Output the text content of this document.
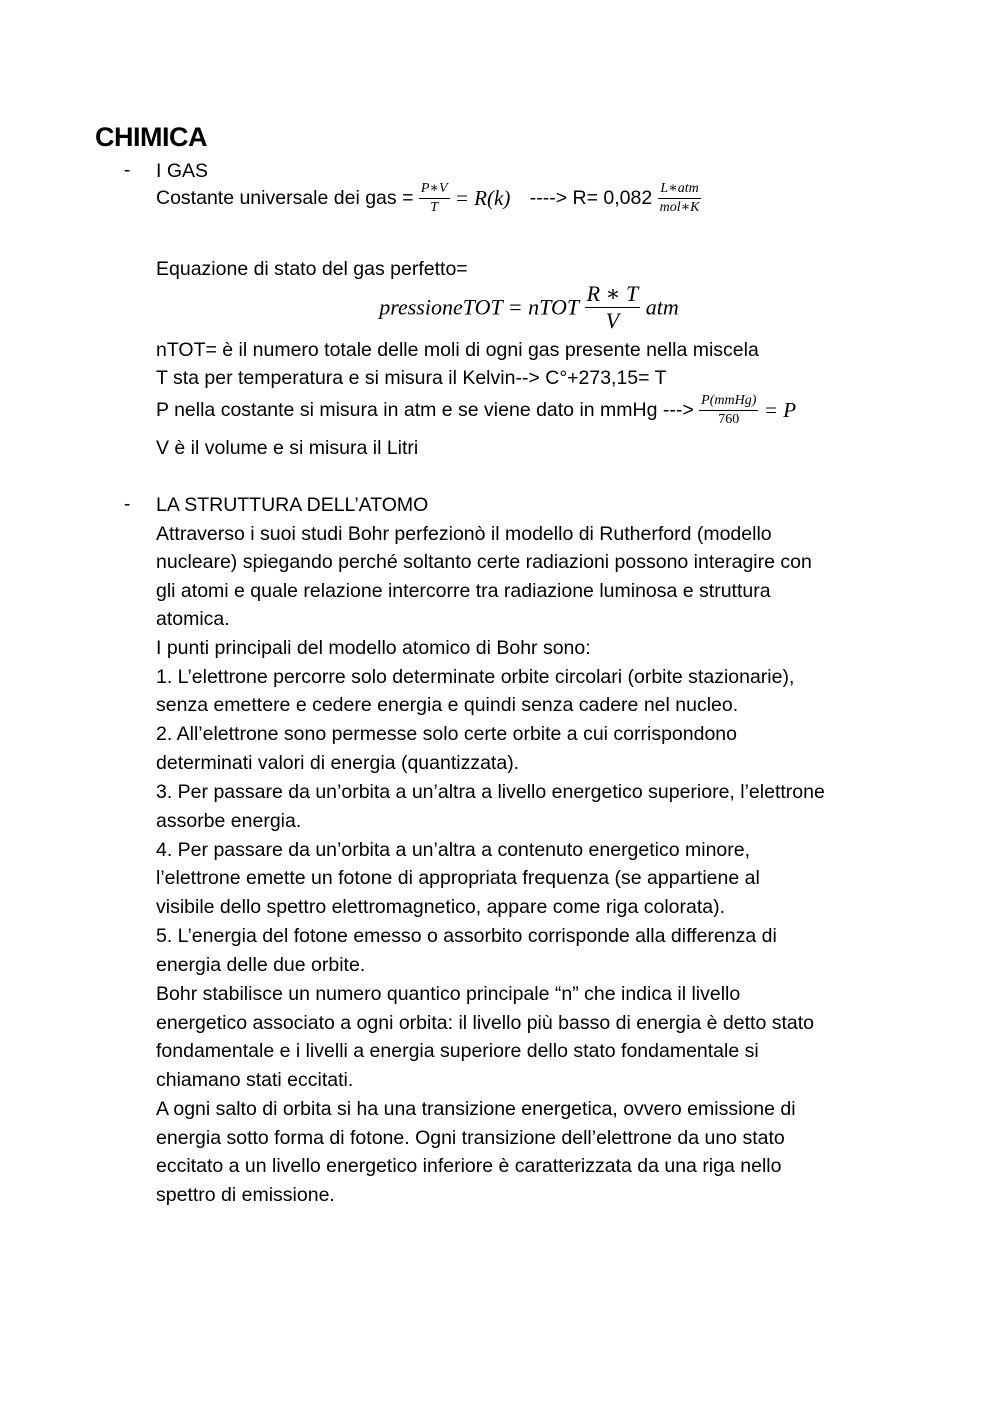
CHIMICA
- I GAS
Costante universale dei gas = $\frac{P∗V}{T} = R(k)$ ----> $R= 0,082 \frac{\text{L∗atm}}{\text{mol∗K}}$
Equazione di stato del gas perfetto=
pressioneTOT = nTOT $\frac{R ∗ T}{V}$ atm
nTOT= è il numero totale delle moli di ogni gas presente nella miscela
T sta per temperatura e si misura il Kelvin--> C°+273,15= T
P nella costante si misura in atm e se viene dato in mmHg ---> $\frac{\text{P(mmHg)}}{760} = P$
V è il volume e si misura il Litri
- LA STRUTTURA DELL’ATOMO
Attraverso i suoi studi Bohr perfezionò il modello di Rutherford (modello
nucleare) spiegando perché soltanto certe radiazioni possono interagire con
gli atomi e quale relazione intercorre tra radiazione luminosa e struttura
atomica.
I punti principali del modello atomico di Bohr sono:
1. L’elettrone percorre solo determinate orbite circolari (orbite stazionarie),
senza emettere e cedere energia e quindi senza cadere nel nucleo.
2. All’elettrone sono permesse solo certe orbite a cui corrispondono
determinati valori di energia (quantizzata).
3. Per passare da un’orbita a un’altra a livello energetico superiore, l’elettrone
assorbe energia.
4. Per passare da un’orbita a un’altra a contenuto energetico minore,
l’elettrone emette un fotone di appropriata frequenza (se appartiene al
visibile dello spettro elettromagnetico, appare come riga colorata).
5. L’energia del fotone emesso o assorbito corrisponde alla differenza di
energia delle due orbite.
Bohr stabilisce un numero quantico principale “n” che indica il livello
energetico associato a ogni orbita: il livello più basso di energia è detto stato
fondamentale e i livelli a energia superiore dello stato fondamentale si
chiamano stati eccitati.
A ogni salto di orbita si ha una transizione energetica, ovvero emissione di
energia sotto forma di fotone. Ogni transizione dell’elettrone da uno stato
eccitato a un livello energetico inferiore è caratterizzata da una riga nello
spettro di emissione.
